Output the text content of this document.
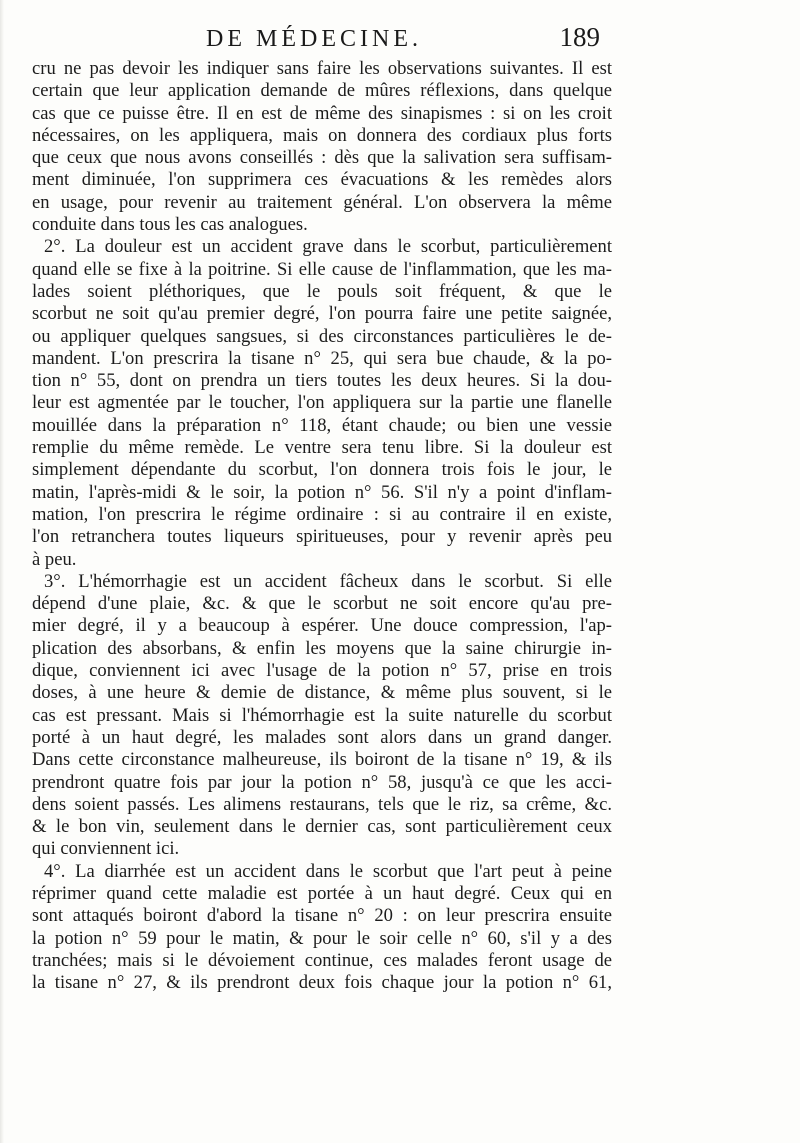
DE MÉDECINE.	189
cru ne pas devoir les indiquer sans faire les observations suivantes. Il est
certain que leur application demande de mûres réflexions, dans quelque
cas que ce puisse être. Il en est de même des sinapismes : si on les croit
nécessaires, on les appliquera, mais on donnera des cordiaux plus forts
que ceux que nous avons conseillés : dès que la salivation sera suffisam-
ment diminuée, l'on supprimera ces évacuations & les remèdes alors
en usage, pour revenir au traitement général. L'on observera la même
conduite dans tous les cas analogues.
2°. La douleur est un accident grave dans le scorbut, particulièrement
quand elle se fixe à la poitrine. Si elle cause de l'inflammation, que les ma-
lades soient pléthoriques, que le pouls soit fréquent, & que le
scorbut ne soit qu'au premier degré, l'on pourra faire une petite saignée,
ou appliquer quelques sangsues, si des circonstances particulières le de-
mandent. L'on prescrira la tisane n° 25, qui sera bue chaude, & la po-
tion n° 55, dont on prendra un tiers toutes les deux heures. Si la dou-
leur est agmentée par le toucher, l'on appliquera sur la partie une flanelle
mouillée dans la préparation n° 118, étant chaude; ou bien une vessie
remplie du même remède. Le ventre sera tenu libre. Si la douleur est
simplement dépendante du scorbut, l'on donnera trois fois le jour, le
matin, l'après-midi & le soir, la potion n° 56. S'il n'y a point d'inflam-
mation, l'on prescrira le régime ordinaire : si au contraire il en existe,
l'on retranchera toutes liqueurs spiritueuses, pour y revenir après peu
à peu.
3°. L'hémorrhagie est un accident fâcheux dans le scorbut. Si elle
dépend d'une plaie, &c. & que le scorbut ne soit encore qu'au pre-
mier degré, il y a beaucoup à espérer. Une douce compression, l'ap-
plication des absorbans, & enfin les moyens que la saine chirurgie in-
dique, conviennent ici avec l'usage de la potion n° 57, prise en trois
doses, à une heure & demie de distance, & même plus souvent, si le
cas est pressant. Mais si l'hémorrhagie est la suite naturelle du scorbut
porté à un haut degré, les malades sont alors dans un grand danger.
Dans cette circonstance malheureuse, ils boiront de la tisane n° 19, & ils
prendront quatre fois par jour la potion n° 58, jusqu'à ce que les acci-
dens soient passés. Les alimens restaurans, tels que le riz, sa crême, &c.
& le bon vin, seulement dans le dernier cas, sont particulièrement ceux
qui conviennent ici.
4°. La diarrhée est un accident dans le scorbut que l'art peut à peine
réprimer quand cette maladie est portée à un haut degré. Ceux qui en
sont attaqués boiront d'abord la tisane n° 20 : on leur prescrira ensuite
la potion n° 59 pour le matin, & pour le soir celle n° 60, s'il y a des
tranchées; mais si le dévoiement continue, ces malades feront usage de
la tisane n° 27, & ils prendront deux fois chaque jour la potion n° 61,
